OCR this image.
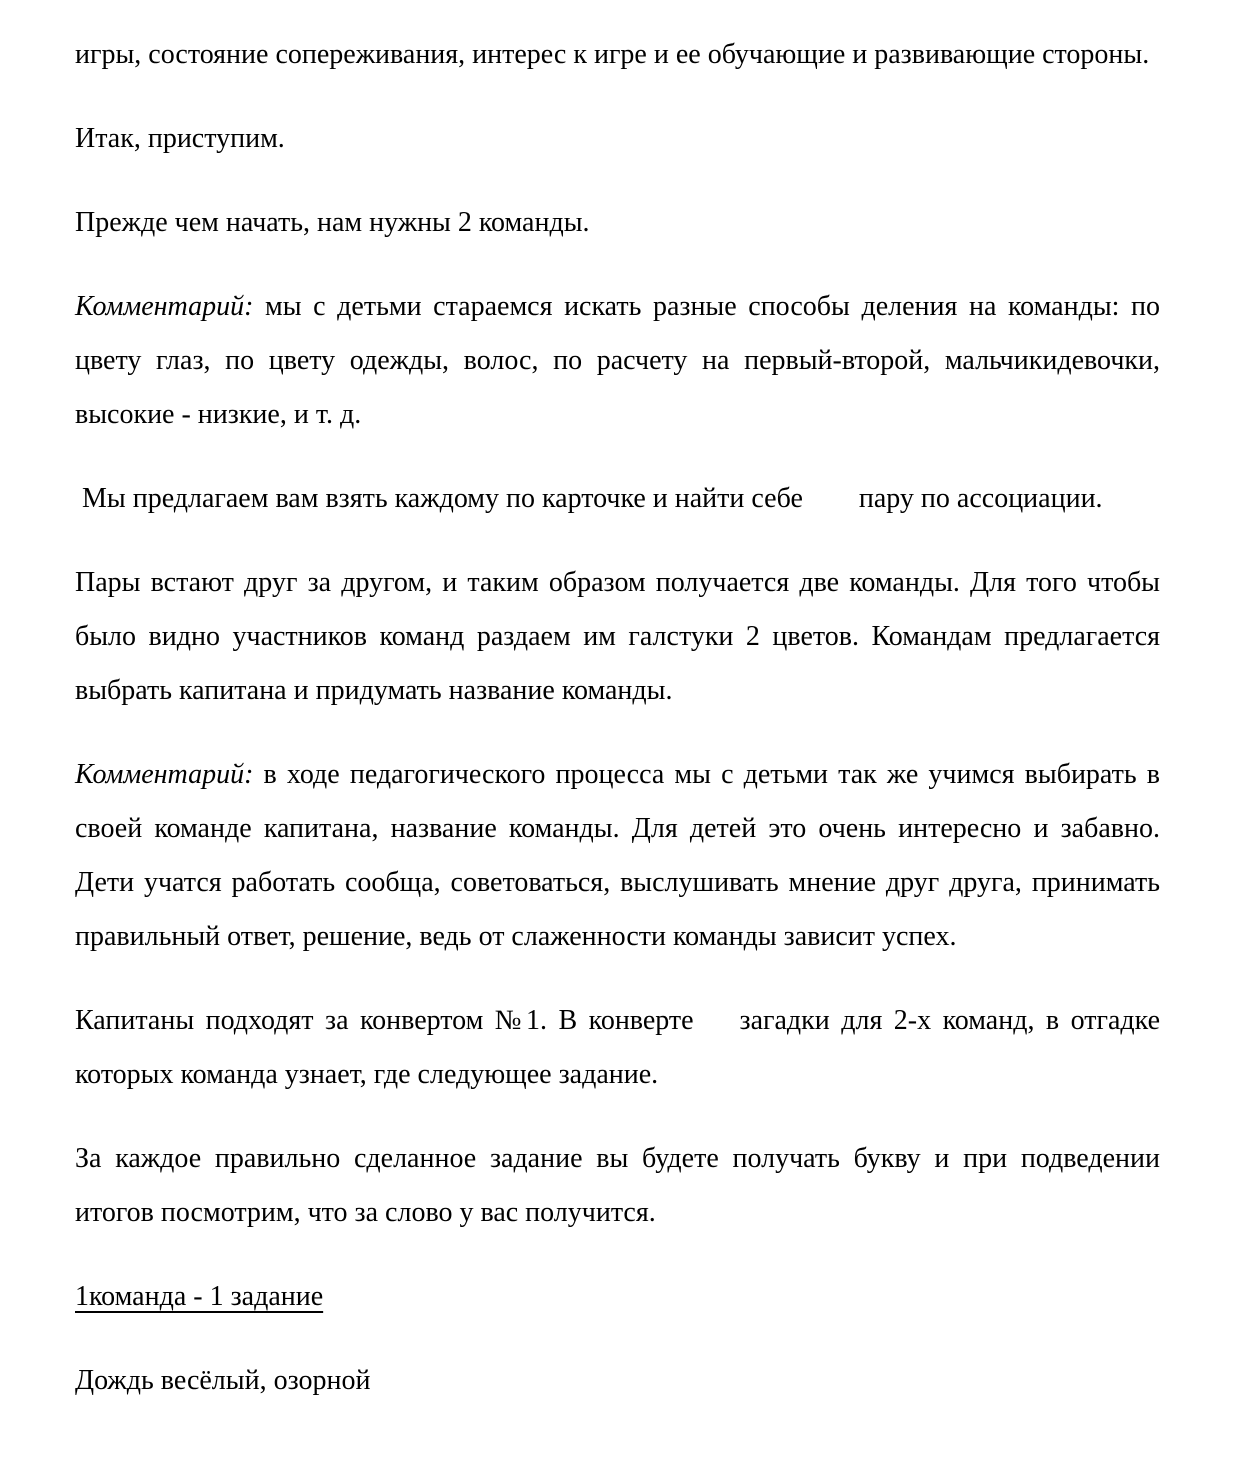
игры, состояние сопереживания, интерес к игре и ее обучающие и развивающие стороны.

Итак, приступим.

Прежде чем начать, нам нужны 2 команды.

Комментарий: мы с детьми стараемся искать разные способы деления на команды: по цвету глаз, по цвету одежды, волос, по расчету на первый-второй, мальчикидевочки, высокие - низкие, и т. д.

Мы предлагаем вам взять каждому по карточке и найти себе        пару по ассоциации.

Пары встают друг за другом, и таким образом получается две команды. Для того чтобы было видно участников команд раздаем им галстуки 2 цветов. Командам предлагается выбрать капитана и придумать название команды.

Комментарий: в ходе педагогического процесса мы с детьми так же учимся выбирать в своей команде капитана, название команды. Для детей это очень интересно и забавно. Дети учатся работать сообща, советоваться, выслушивать мнение друг друга, принимать правильный ответ, решение, ведь от слаженности команды зависит успех.

Капитаны подходят за конвертом №1. В конверте    загадки для 2-х команд, в отгадке которых команда узнает, где следующее задание.

За каждое правильно сделанное задание вы будете получать букву и при подведении итогов посмотрим, что за слово у вас получится.

1команда - 1 задание

Дождь весёлый, озорной
